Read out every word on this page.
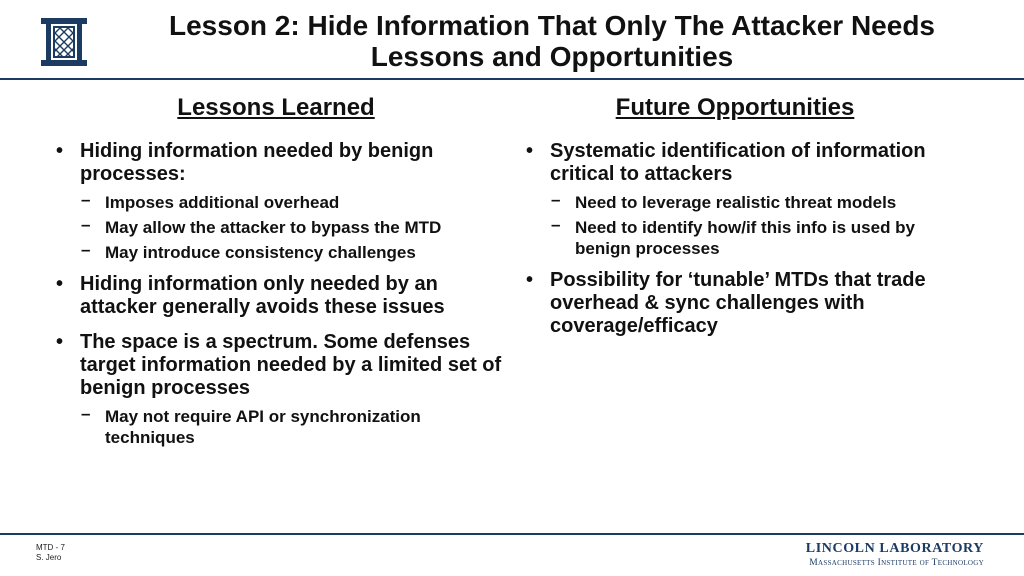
Lesson 2: Hide Information That Only The Attacker Needs
Lessons and Opportunities
Lessons Learned
• Hiding information needed by benign processes:
– Imposes additional overhead
– May allow the attacker to bypass the MTD
– May introduce consistency challenges
• Hiding information only needed by an attacker generally avoids these issues
• The space is a spectrum. Some defenses target information needed by a limited set of benign processes
– May not require API or synchronization techniques
Future Opportunities
• Systematic identification of information critical to attackers
– Need to leverage realistic threat models
– Need to identify how/if this info is used by benign processes
• Possibility for ‘tunable’ MTDs that trade overhead & sync challenges with coverage/efficacy
MTD - 7
S. Jero
LINCOLN LABORATORY
Massachusetts Institute of Technology
